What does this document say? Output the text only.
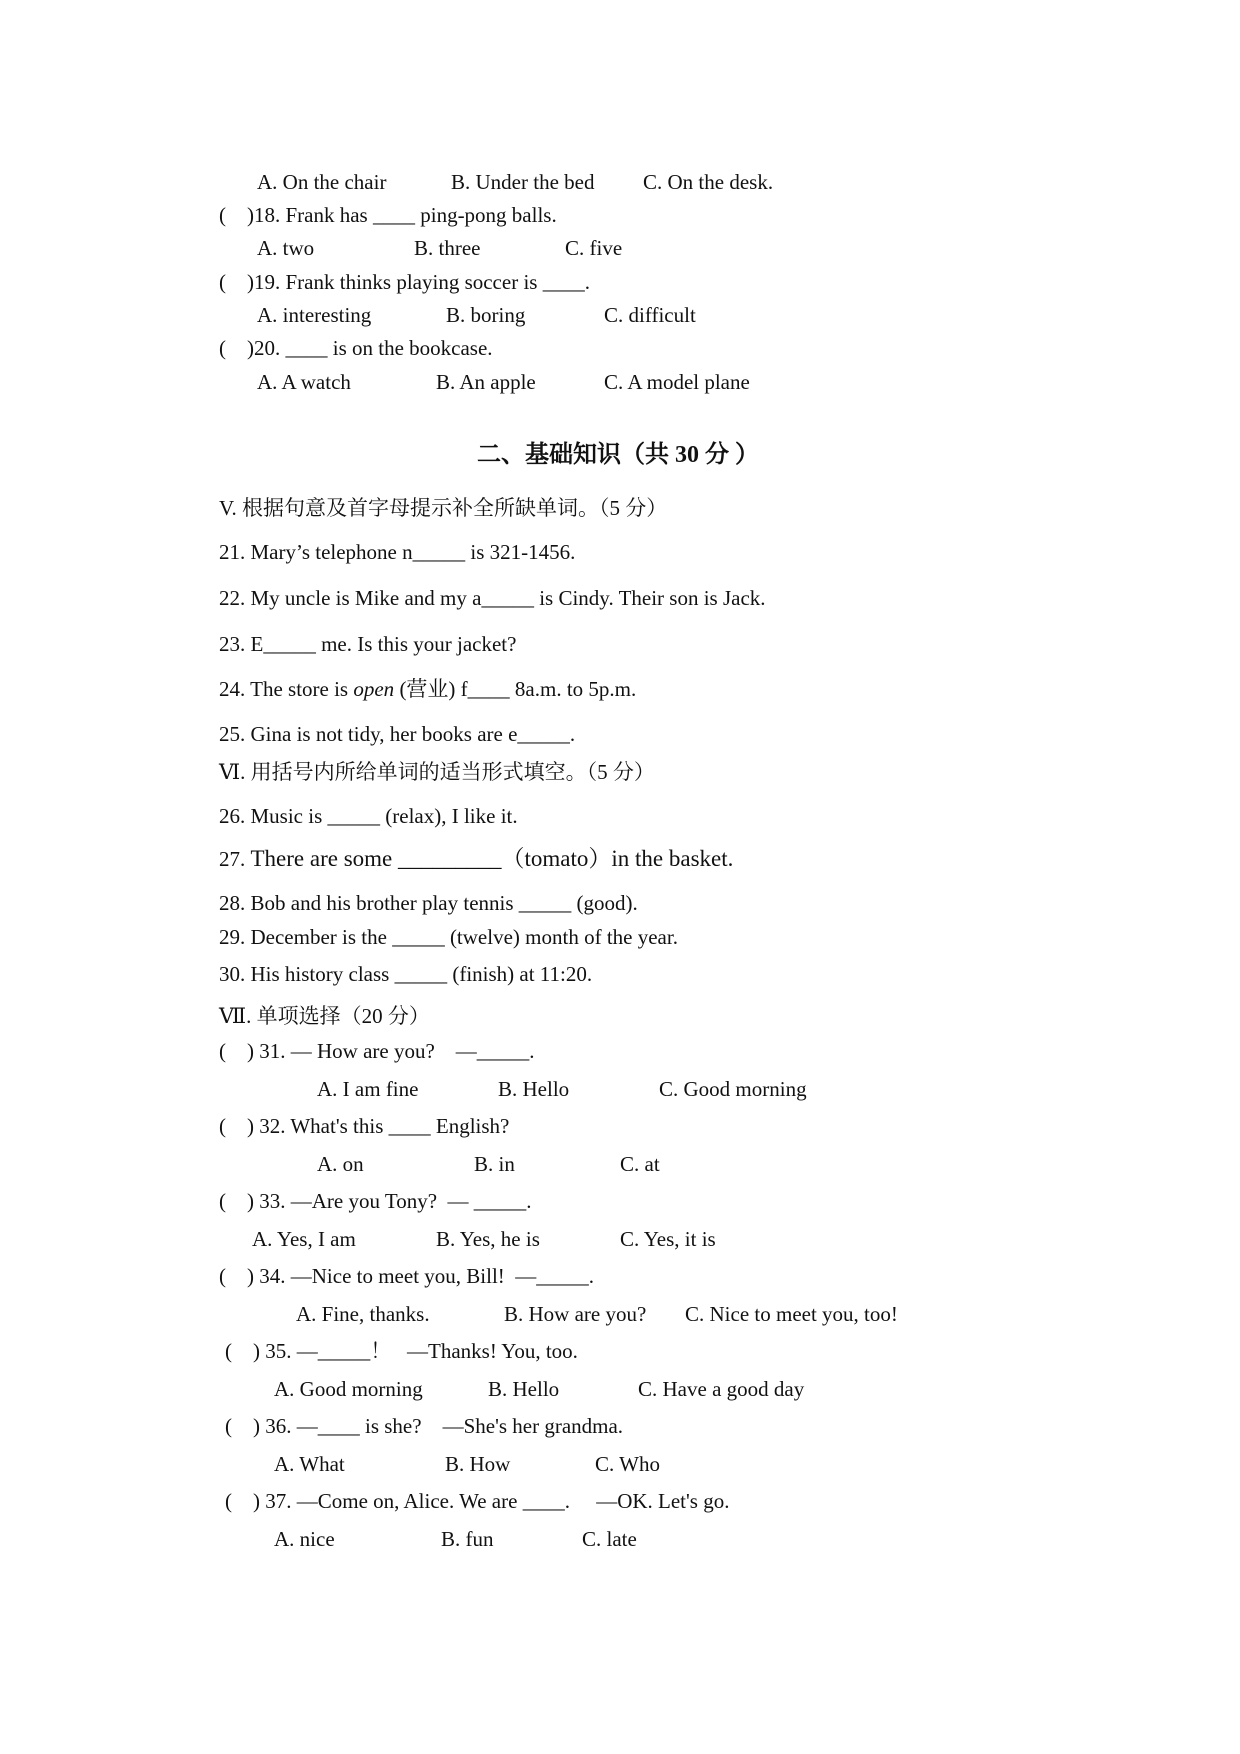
A. On the chair	B. Under the bed C. On the desk.
( )18. Frank has ____ ping-pong balls.
A. two	B. three	C. five
( )19. Frank thinks playing soccer is ____.
A. interesting	B. boring	C. difficult
( )20. ____ is on the bookcase.
A. A watch	B. An apple	C. A model plane
二、基础知识（共 30 分 ）
V. 根据句意及首字母提示补全所缺单词。（5 分）
21. Mary’s telephone n_____ is 321-1456.
22. My uncle is Mike and my a_____ is Cindy. Their son is Jack.
23. E_____ me. Is this your jacket?
24. The store is open (营业) f____ 8a.m. to 5p.m.
25. Gina is not tidy, her books are e_____.
Ⅵ. 用括号内所给单词的适当形式填空。（5 分）
26. Music is _____ (relax), I like it.
27. There are some _________（tomato）in the basket.
28. Bob and his brother play tennis _____ (good).
29. December is the _____ (twelve) month of the year.
30. His history class _____ (finish) at 11:20.
Ⅶ. 单项选择（20 分）
( ) 31. — How are you?    —_____.
A. I am fine	B. Hello	C. Good morning
( ) 32. What's this ____ English?
A. on	B. in	C. at
( ) 33. —Are you Tony?  — _____.
A. Yes, I am	B. Yes, he is	C. Yes, it is
( ) 34. —Nice to meet you, Bill!  —_____.
A. Fine, thanks.	B. How are you? C. Nice to meet you, too!
( ) 35. —_____！   —Thanks! You, too.
A. Good morning	B. Hello	C. Have a good day
( ) 36. —____ is she?    —She's her grandma.
A. What	B. How	C. Who
( ) 37. —Come on, Alice. We are ____.     —OK. Let's go.
A. nice	B. fun	C. late
